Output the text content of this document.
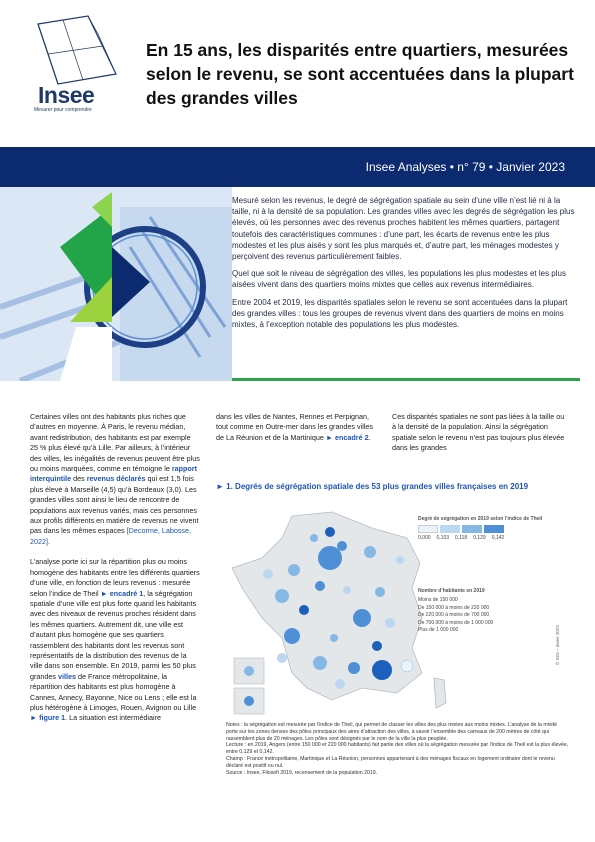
Insee
Mesurer pour comprendre
En 15 ans, les disparités entre quartiers, mesurées selon le revenu, se sont accentuées dans la plupart des grandes villes
Insee Analyses • n° 79 • Janvier 2023

Mesuré selon les revenus, le degré de ségrégation spatiale au sein d’une ville n’est lié ni à la taille, ni à la densité de sa population. Les grandes villes avec les degrés de ségrégation les plus élevés, où les personnes avec des revenus proches habitent les mêmes quartiers, partagent toutefois des caractéristiques communes : d’une part, les écarts de revenus entre les plus modestes et les plus aisés y sont les plus marqués et, d’autre part, les ménages modestes y perçoivent des revenus particulièrement faibles.

Quel que soit le niveau de ségrégation des villes, les populations les plus modestes et les plus aisées vivent dans des quartiers moins mixtes que celles aux revenus intermédiaires.

Entre 2004 et 2019, les disparités spatiales selon le revenu se sont accentuées dans la plupart des grandes villes : tous les groupes de revenus vivent dans des quartiers de moins en moins mixtes, à l’exception notable des populations les plus modestes.

Certaines villes ont des habitants plus riches que d’autres en moyenne. À Paris, le revenu médian, avant redistribution, des habitants est par exemple 25 % plus élevé qu’à Lille. Par ailleurs, à l’intérieur des villes, les inégalités de revenus peuvent être plus ou moins marquées, comme en témoigne le rapport interquintile des revenus déclarés qui est 1,5 fois plus élevé à Marseille (4,5) qu’à Bordeaux (3,0). Les grandes villes sont ainsi le lieu de rencontre de populations aux revenus variés, mais ces personnes aux profils différents en matière de revenus ne vivent pas dans les mêmes espaces [Decorme, Labosse, 2022].

L’analyse porte ici sur la répartition plus ou moins homogène des habitants entre les différents quartiers d’une ville, en fonction de leurs revenus : mesurée selon l’indice de Theil ► encadré 1, la ségrégation spatiale d’une ville est plus forte quand les habitants avec des niveaux de revenus proches résident dans les mêmes quartiers. Autrement dit, une ville est d’autant plus homogène que ses quartiers rassemblent des habitants dont les revenus sont représentatifs de la distribution des revenus de la ville dans son ensemble. En 2019, parmi les 50 plus grandes villes de France métropolitaine, la répartition des habitants est plus homogène à Cannes, Annecy, Bayonne, Nice ou Lens ; elle est la plus hétérogène à Limoges, Rouen, Avignon ou Lille ► figure 1. La situation est intermédiaire

dans les villes de Nantes, Rennes et Perpignan, tout comme en Outre-mer dans les grandes villes de La Réunion et de la Martinique ► encadré 2.

Ces disparités spatiales ne sont pas liées à la taille ou à la densité de la population. Ainsi la ségrégation spatiale selon le revenu n’est pas toujours plus élevée dans les grandes

► 1. Degrés de ségrégation spatiale des 53 plus grandes villes françaises en 2019
Degré de ségrégation en 2019 selon l’indice de Theil
0,000 0,103 0,118 0,129 0,142
Nombre d’habitants en 2019
Moins de 150 000
De 150 000 à moins de 220 000
De 220 000 à moins de 700 000
De 700 000 à moins de 1 000 000
Plus de 1 000 000	© IGN – Insee 2023
Notes : la ségrégation est mesurée par l’indice de Theil, qui permet de classer les villes des plus mixtes aux moins mixtes. L’analyse de la mixité porte sur les zones denses des pôles principaux des aires d’attraction des villes, à savoir l’ensemble des carreaux de 200 mètres de côté qui rassemblent plus de 20 ménages. Les pôles sont désignés par le nom de la ville la plus peuplée.
Lecture : en 2019, Angers (entre 150 000 et 220 000 habitants) fait partie des villes où la ségrégation mesurée par l’indice de Theil est la plus élevée, entre 0,129 et 0,142.
Champ : France métropolitaine, Martinique et La Réunion, personnes appartenant à des ménages fiscaux en logement ordinaire dont le revenu déclaré est positif ou nul.
Source : Insee, Filosofi 2019, recensement de la population 2019.
